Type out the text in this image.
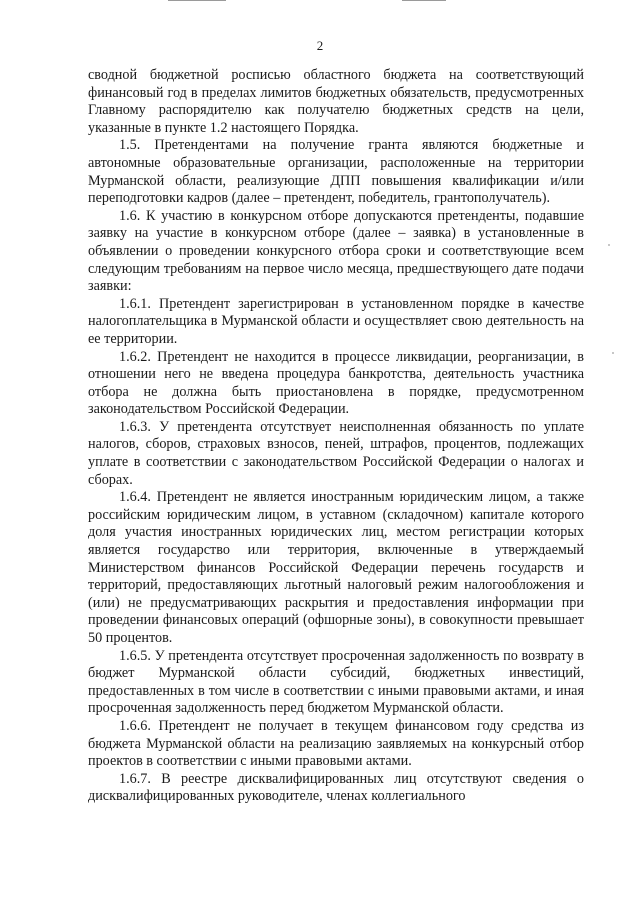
2

сводной бюджетной росписью областного бюджета на соответствующий финансовый год в пределах лимитов бюджетных обязательств, предусмотренных Главному распорядителю как получателю бюджетных средств на цели, указанные в пункте 1.2 настоящего Порядка.

1.5. Претендентами на получение гранта являются бюджетные и автономные образовательные организации, расположенные на территории Мурманской области, реализующие ДПП повышения квалификации и/или переподготовки кадров (далее – претендент, победитель, грантополучатель).

1.6. К участию в конкурсном отборе допускаются претенденты, подавшие заявку на участие в конкурсном отборе (далее – заявка) в установленные в объявлении о проведении конкурсного отбора сроки и соответствующие всем следующим требованиям на первое число месяца, предшествующего дате подачи заявки:

1.6.1. Претендент зарегистрирован в установленном порядке в качестве налогоплательщика в Мурманской области и осуществляет свою деятельность на ее территории.

1.6.2. Претендент не находится в процессе ликвидации, реорганизации, в отношении него не введена процедура банкротства, деятельность участника отбора не должна быть приостановлена в порядке, предусмотренном законодательством Российской Федерации.

1.6.3. У претендента отсутствует неисполненная обязанность по уплате налогов, сборов, страховых взносов, пеней, штрафов, процентов, подлежащих уплате в соответствии с законодательством Российской Федерации о налогах и сборах.

1.6.4. Претендент не является иностранным юридическим лицом, а также российским юридическим лицом, в уставном (складочном) капитале которого доля участия иностранных юридических лиц, местом регистрации которых является государство или территория, включенные в утверждаемый Министерством финансов Российской Федерации перечень государств и территорий, предоставляющих льготный налоговый режим налогообложения и (или) не предусматривающих раскрытия и предоставления информации при проведении финансовых операций (офшорные зоны), в совокупности превышает 50 процентов.

1.6.5. У претендента отсутствует просроченная задолженность по возврату в бюджет Мурманской области субсидий, бюджетных инвестиций, предоставленных в том числе в соответствии с иными правовыми актами, и иная просроченная задолженность перед бюджетом Мурманской области.

1.6.6. Претендент не получает в текущем финансовом году средства из бюджета Мурманской области на реализацию заявляемых на конкурсный отбор проектов в соответствии с иными правовыми актами.

1.6.7. В реестре дисквалифицированных лиц отсутствуют сведения о дисквалифицированных руководителе, членах коллегиального
